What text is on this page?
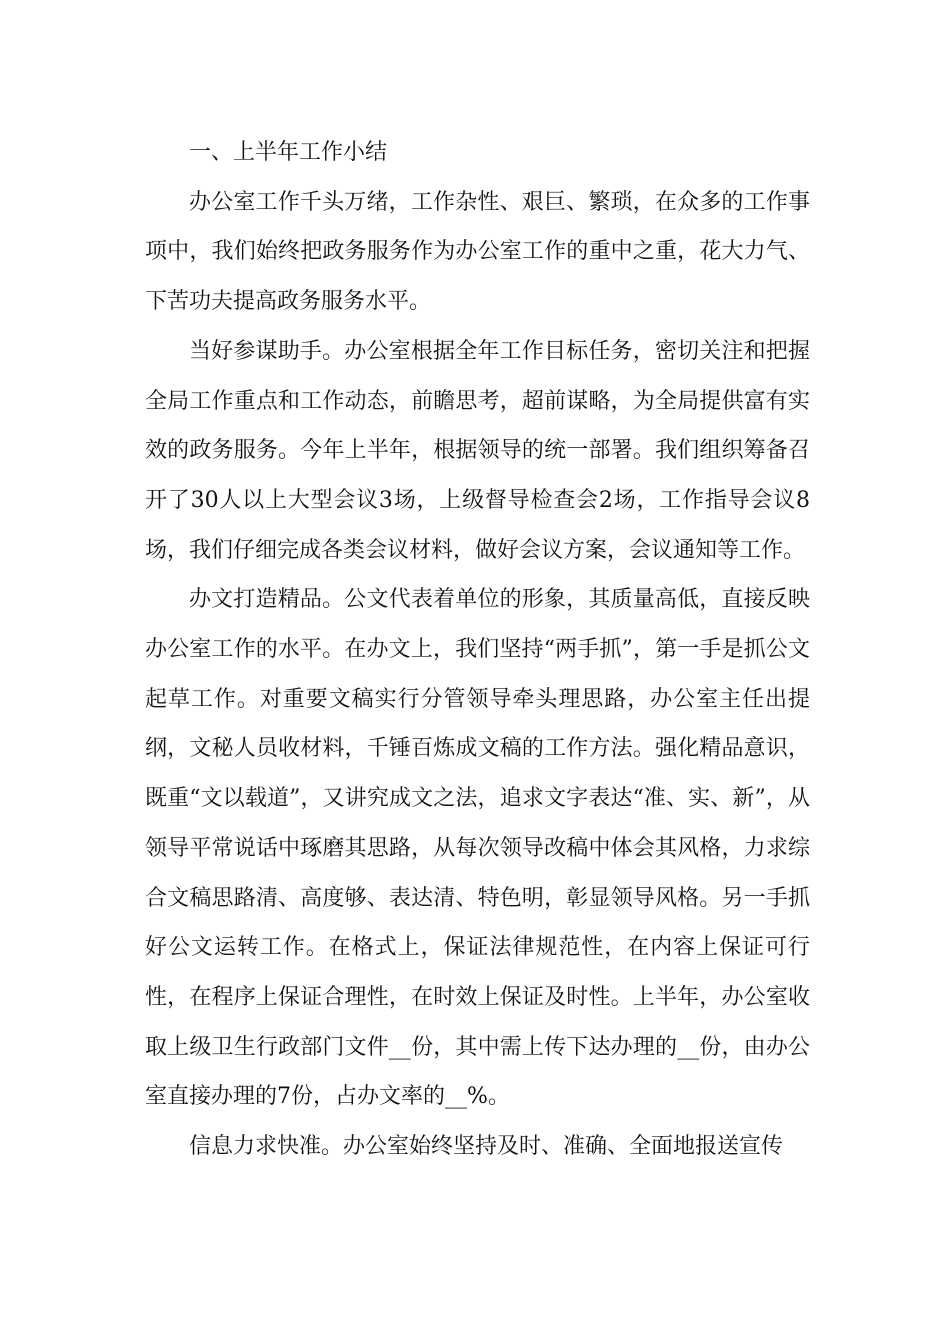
一、上半年工作小结

办公室工作千头万绪，工作杂性、艰巨、繁琐，在众多的工作事项中，我们始终把政务服务作为办公室工作的重中之重，花大力气、下苦功夫提高政务服务水平。

当好参谋助手。办公室根据全年工作目标任务，密切关注和把握全局工作重点和工作动态，前瞻思考，超前谋略，为全局提供富有实效的政务服务。今年上半年，根据领导的统一部署。我们组织筹备召开了30人以上大型会议3场，上级督导检查会2场，工作指导会议8场，我们仔细完成各类会议材料，做好会议方案，会议通知等工作。

办文打造精品。公文代表着单位的形象，其质量高低，直接反映办公室工作的水平。在办文上，我们坚持“两手抓”，第一手是抓公文起草工作。对重要文稿实行分管领导牵头理思路，办公室主任出提纲，文秘人员收材料，千锤百炼成文稿的工作方法。强化精品意识，既重“文以载道”，又讲究成文之法，追求文字表达“准、实、新”，从领导平常说话中琢磨其思路，从每次领导改稿中体会其风格，力求综合文稿思路清、高度够、表达清、特色明，彰显领导风格。另一手抓好公文运转工作。在格式上，保证法律规范性，在内容上保证可行性，在程序上保证合理性，在时效上保证及时性。上半年，办公室收取上级卫生行政部门文件__份，其中需上传下达办理的__份，由办公室直接办理的7份，占办文率的__%。

信息力求快准。办公室始终坚持及时、准确、全面地报送宣传
